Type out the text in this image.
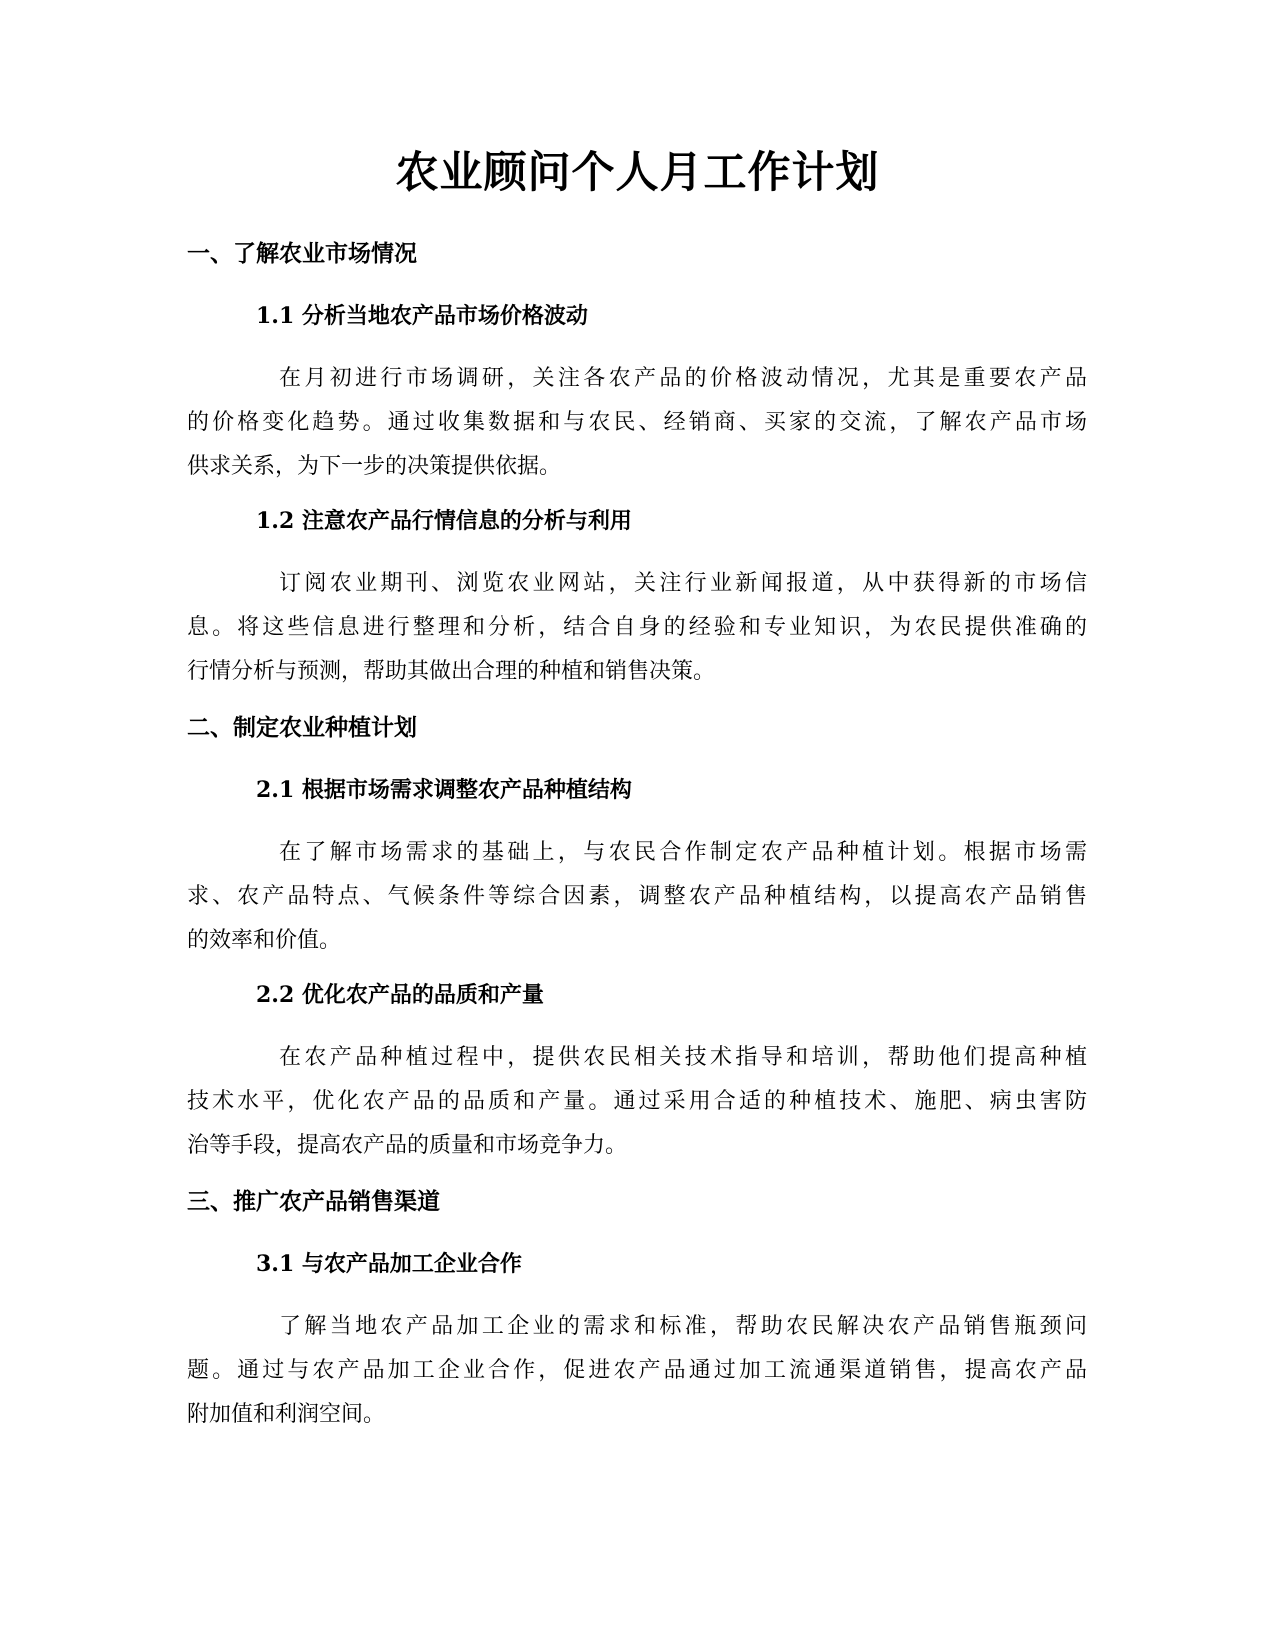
农业顾问个人月工作计划
一、了解农业市场情况
1.1 分析当地农产品市场价格波动
在月初进行市场调研，关注各农产品的价格波动情况，尤其是重要农产品
的价格变化趋势。通过收集数据和与农民、经销商、买家的交流，了解农产品市场
供求关系，为下一步的决策提供依据。
1.2 注意农产品行情信息的分析与利用
订阅农业期刊、浏览农业网站，关注行业新闻报道，从中获得新的市场信
息。将这些信息进行整理和分析，结合自身的经验和专业知识，为农民提供准确的
行情分析与预测，帮助其做出合理的种植和销售决策。
二、制定农业种植计划
2.1 根据市场需求调整农产品种植结构
在了解市场需求的基础上，与农民合作制定农产品种植计划。根据市场需
求、农产品特点、气候条件等综合因素，调整农产品种植结构，以提高农产品销售
的效率和价值。
2.2 优化农产品的品质和产量
在农产品种植过程中，提供农民相关技术指导和培训，帮助他们提高种植
技术水平，优化农产品的品质和产量。通过采用合适的种植技术、施肥、病虫害防
治等手段，提高农产品的质量和市场竞争力。
三、推广农产品销售渠道
3.1 与农产品加工企业合作
了解当地农产品加工企业的需求和标准，帮助农民解决农产品销售瓶颈问
题。通过与农产品加工企业合作，促进农产品通过加工流通渠道销售，提高农产品
附加值和利润空间。
